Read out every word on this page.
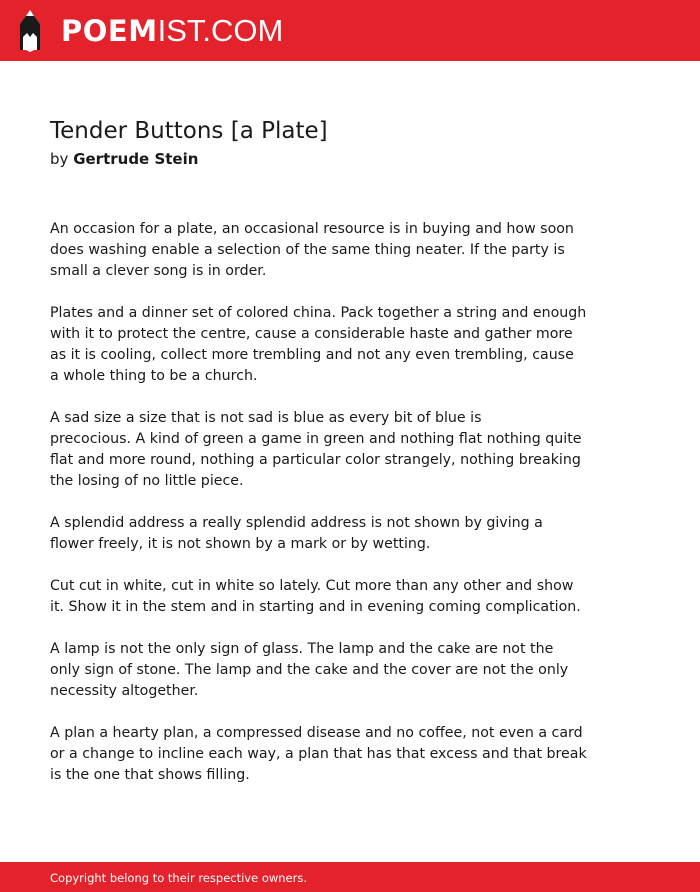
POEMIST.COM
Tender Buttons [a Plate]
by Gertrude Stein

An occasion for a plate, an occasional resource is in buying and how soon
does washing enable a selection of the same thing neater. If the party is
small a clever song is in order.

Plates and a dinner set of colored china. Pack together a string and enough
with it to protect the centre, cause a considerable haste and gather more
as it is cooling, collect more trembling and not any even trembling, cause
a whole thing to be a church.

A sad size a size that is not sad is blue as every bit of blue is
precocious. A kind of green a game in green and nothing flat nothing quite
flat and more round, nothing a particular color strangely, nothing breaking
the losing of no little piece.

A splendid address a really splendid address is not shown by giving a
flower freely, it is not shown by a mark or by wetting.

Cut cut in white, cut in white so lately. Cut more than any other and show
it. Show it in the stem and in starting and in evening coming complication.

A lamp is not the only sign of glass. The lamp and the cake are not the
only sign of stone. The lamp and the cake and the cover are not the only
necessity altogether.

A plan a hearty plan, a compressed disease and no coffee, not even a card
or a change to incline each way, a plan that has that excess and that break
is the one that shows filling.

Copyright belong to their respective owners.
